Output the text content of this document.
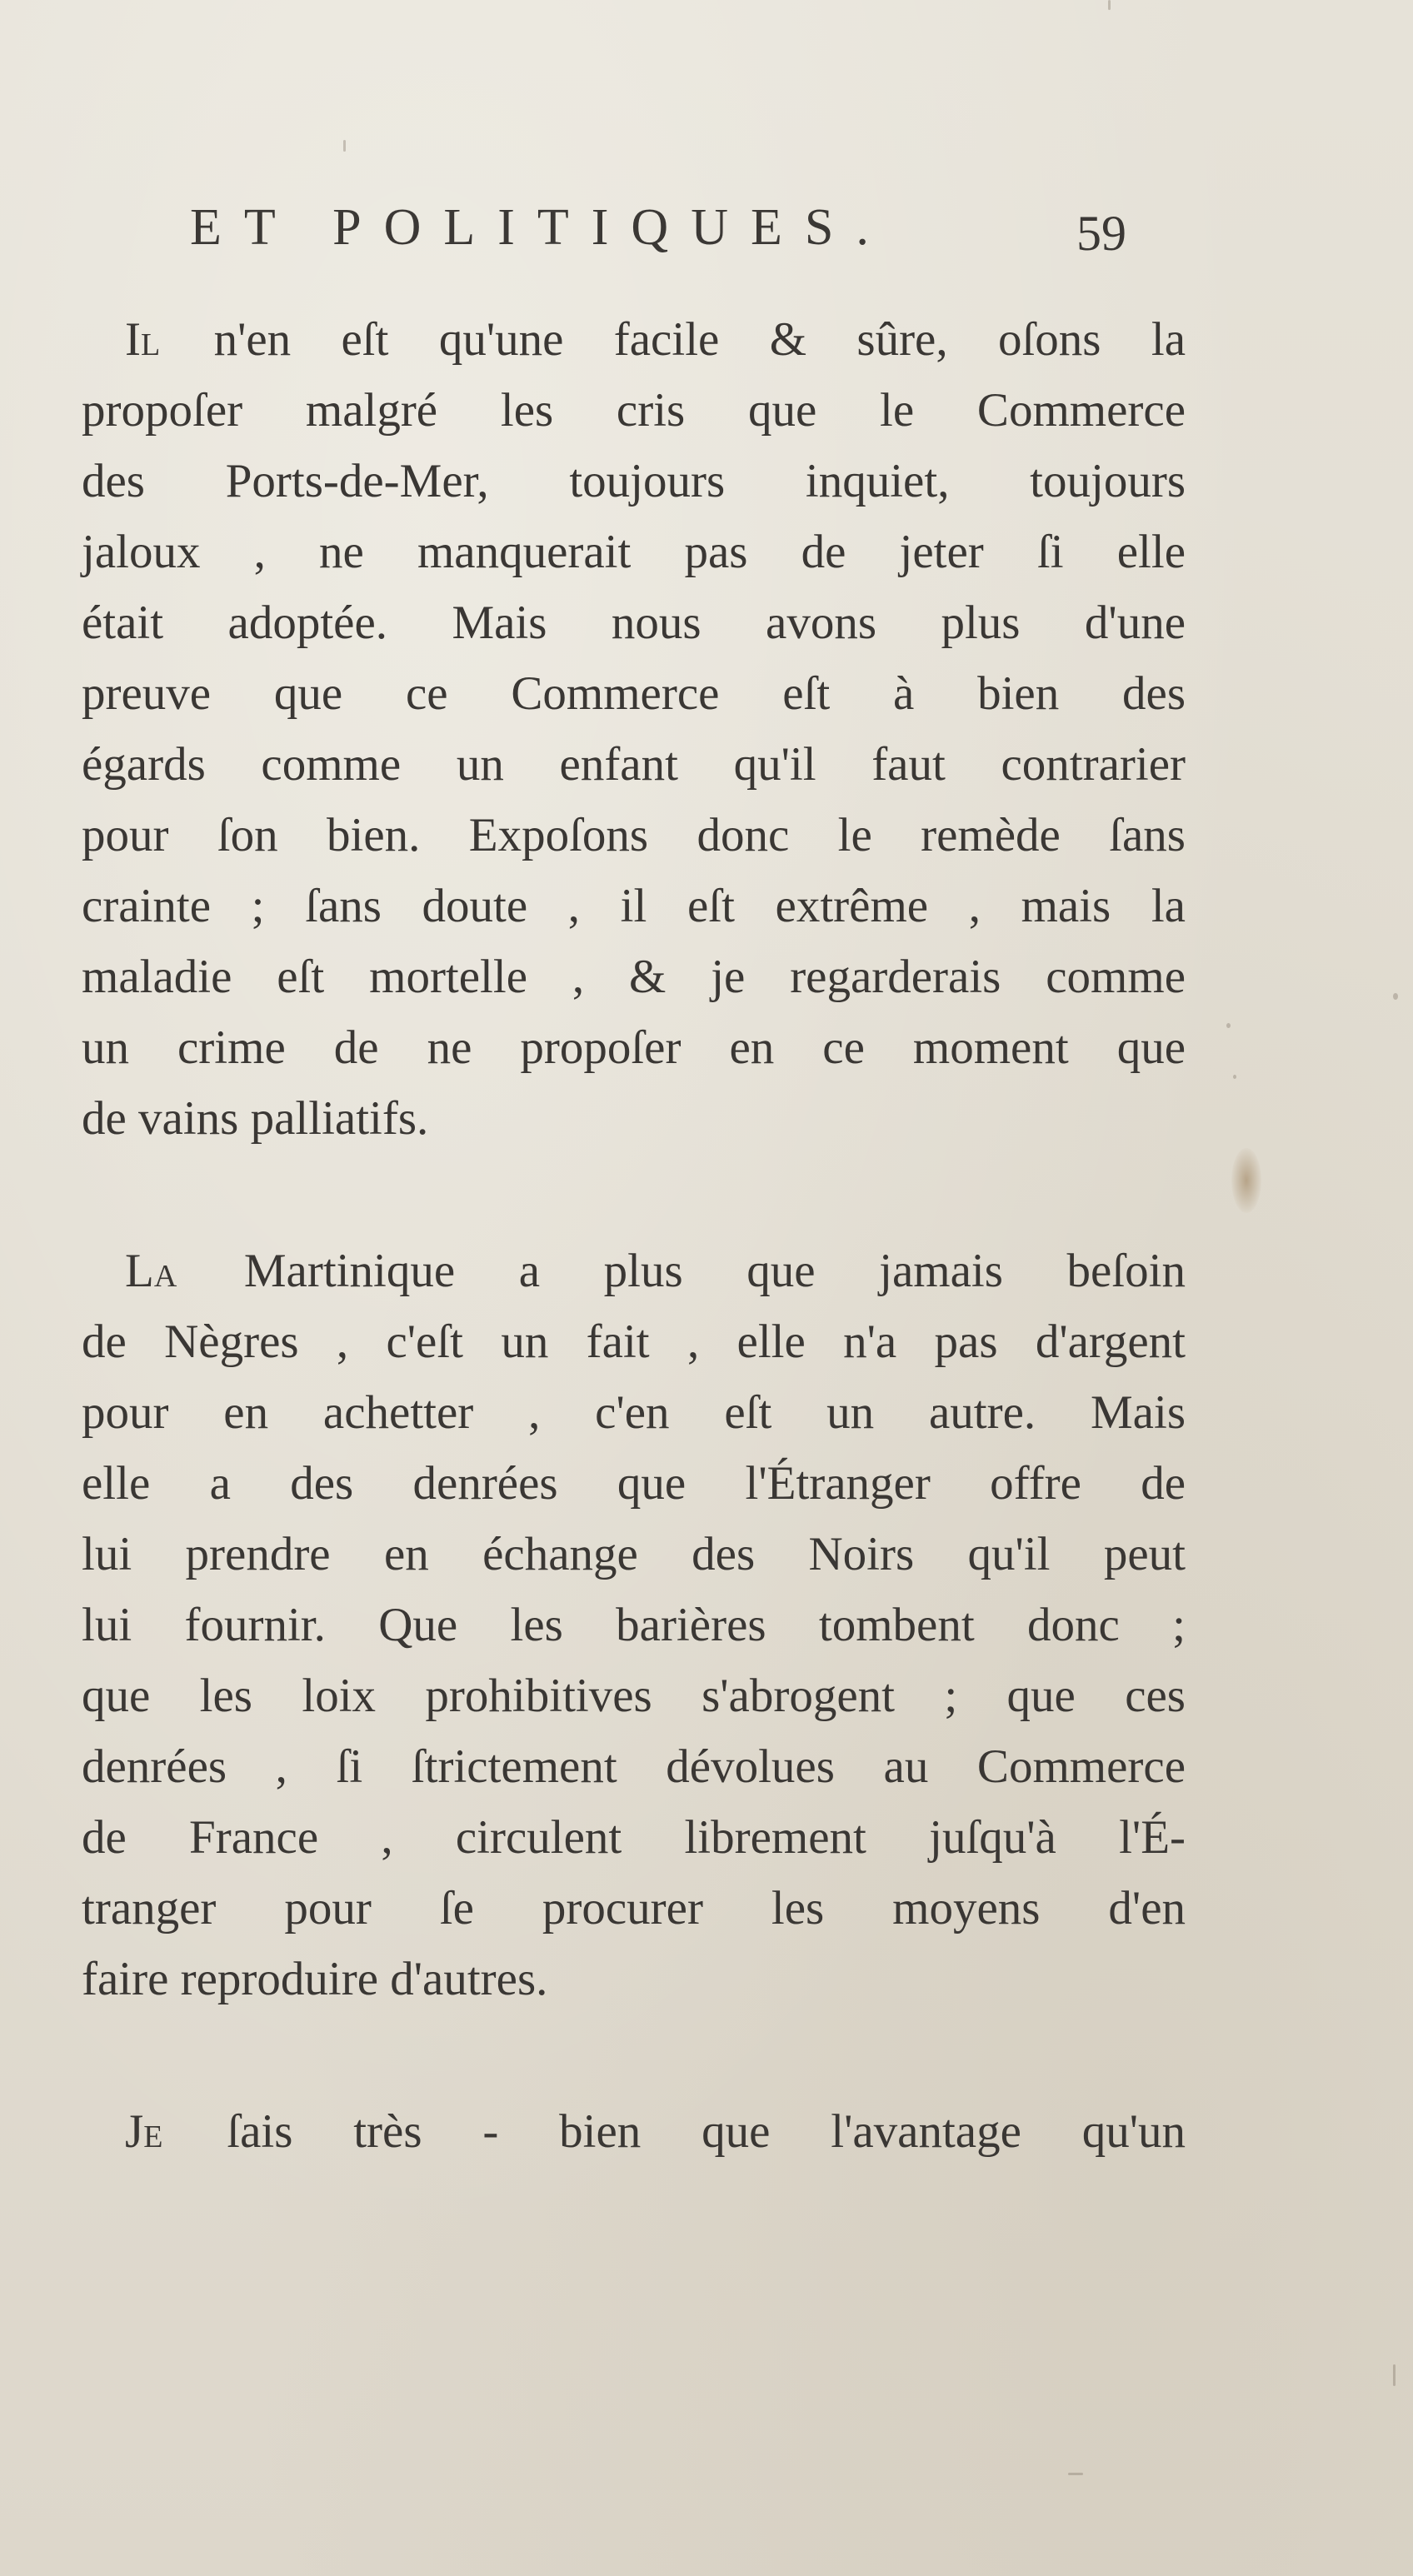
ET POLITIQUES.	59
IL n'en eſt qu'une facile & sûre, oſons la
propoſer malgré les cris que le Commerce
des Ports-de-Mer, toujours inquiet, toujours
jaloux , ne manquerait pas de jeter ſi elle
était adoptée. Mais nous avons plus d'une
preuve que ce Commerce eſt à bien des
égards comme un enfant qu'il faut contrarier
pour ſon bien. Expoſons donc le remède ſans
crainte ; ſans doute , il eſt extrême , mais la
maladie eſt mortelle , & je regarderais comme
un crime de ne propoſer en ce moment que
de vains palliatifs.
LA Martinique a plus que jamais beſoin
de Nègres , c'eſt un fait , elle n'a pas d'argent
pour en achetter , c'en eſt un autre. Mais
elle a des denrées que l'Étranger offre de
lui prendre en échange des Noirs qu'il peut
lui fournir. Que les barières tombent donc ;
que les loix prohibitives s'abrogent ; que ces
denrées , ſi ſtrictement dévolues au Commerce
de France , circulent librement juſqu'à l'É-
tranger pour ſe procurer les moyens d'en
faire reproduire d'autres.
JE ſais très - bien que l'avantage qu'un
